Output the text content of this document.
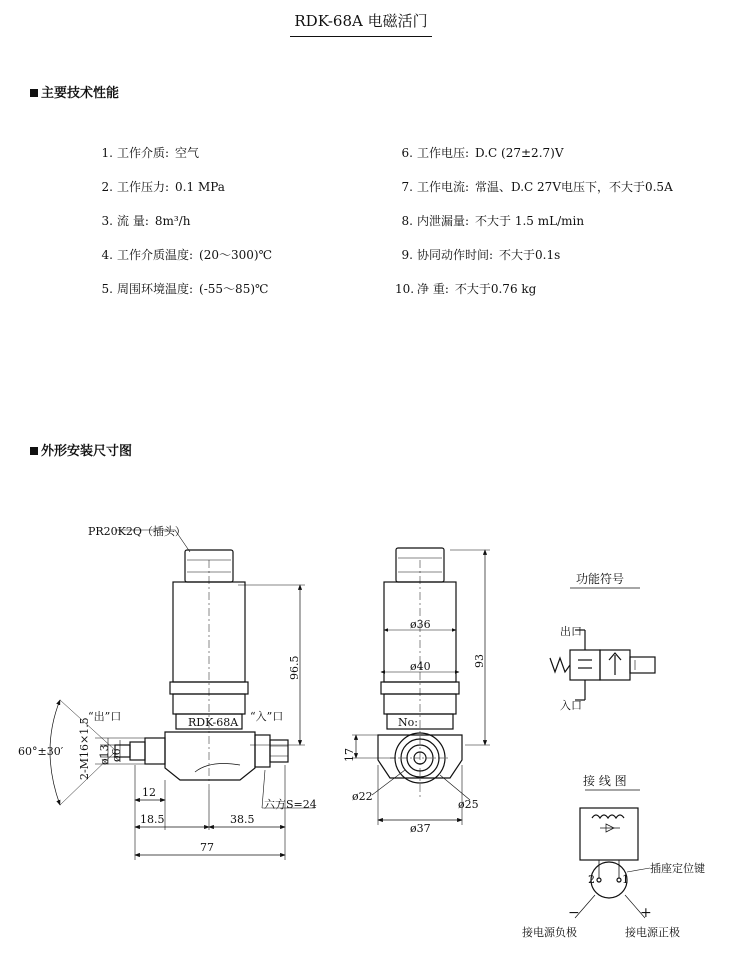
RDK-68A 电磁活门
主要技术性能
外形安装尺寸图
1. 工作介质: 空气
2. 工作压力: 0.1 MPa
3. 流 量: 8m³/h
4. 工作介质温度: (20～300)℃
5. 周围环境温度: (-55～85)℃
6. 工作电压: D.C (27±2.7)V
7. 工作电流: 常温、D.C 27V电压下，不大于0.5A
8. 内泄漏量: 不大于 1.5 mL/min
9. 协同动作时间: 不大于0.1s
10. 净 重: 不大于0.76 kg
PR20K2Q（插头）
RDK-68A
“出”口	“入”口
60°±30′ 2-M16×1.5 ø13 ø6
96.5
12
18.5	38.5
77
六方S=24
ø36
ø40
No:
93
17
ø22
ø25
ø37
功能符号
出口
入口
接 线 图
插座定位键
2 1
−	+
接电源负极	接电源正极
